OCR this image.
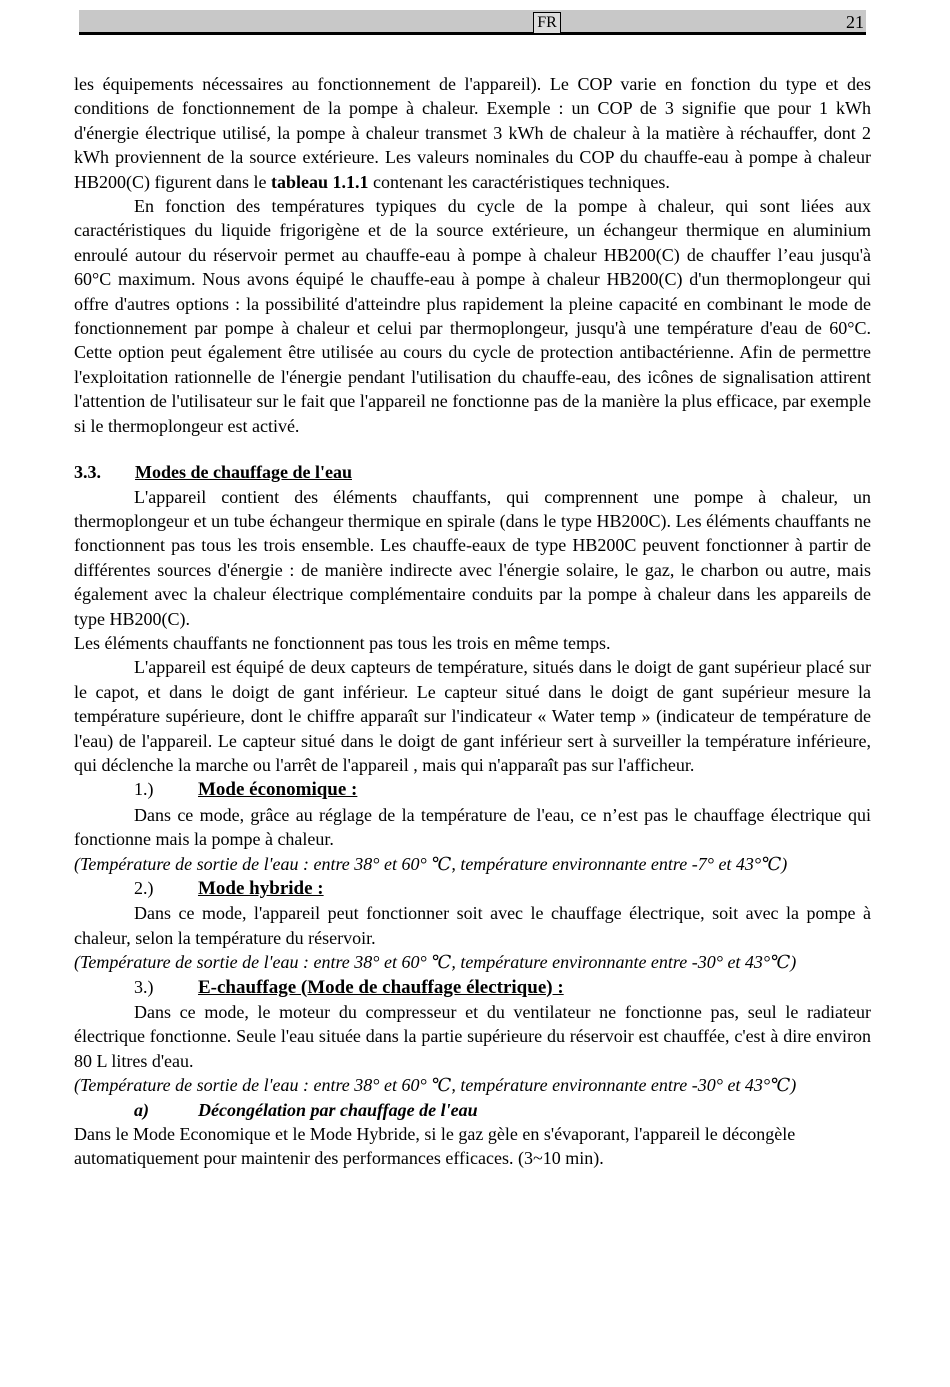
FR	21

les équipements nécessaires au fonctionnement de l'appareil). Le COP varie en fonction du type et des conditions de fonctionnement de la pompe à chaleur. Exemple : un COP de 3 signifie que pour 1 kWh d'énergie électrique utilisé, la pompe à chaleur transmet 3 kWh de chaleur à la matière à réchauffer, dont 2 kWh proviennent de la source extérieure. Les valeurs nominales du COP du chauffe-eau à pompe à chaleur HB200(C) figurent dans le tableau 1.1.1 contenant les caractéristiques techniques.

En fonction des températures typiques du cycle de la pompe à chaleur, qui sont liées aux caractéristiques du liquide frigorigène et de la source extérieure, un échangeur thermique en aluminium enroulé autour du réservoir permet au chauffe-eau à pompe à chaleur HB200(C) de chauffer l’eau jusqu'à 60°C maximum. Nous avons équipé le chauffe-eau à pompe à chaleur HB200(C) d'un thermoplongeur qui offre d'autres options : la possibilité d'atteindre plus rapidement la pleine capacité en combinant le mode de fonctionnement par pompe à chaleur et celui par thermoplongeur, jusqu'à une température d'eau de 60°C. Cette option peut également être utilisée au cours du cycle de protection antibactérienne. Afin de permettre l'exploitation rationnelle de l'énergie pendant l'utilisation du chauffe-eau, des icônes de signalisation attirent l'attention de l'utilisateur sur le fait que l'appareil ne fonctionne pas de la manière la plus efficace, par exemple si le thermoplongeur est activé.

3.3. Modes de chauffage de l'eau

L'appareil contient des éléments chauffants, qui comprennent une pompe à chaleur, un thermoplongeur et un tube échangeur thermique en spirale (dans le type HB200C). Les éléments chauffants ne fonctionnent pas tous les trois ensemble. Les chauffe-eaux de type HB200C peuvent fonctionner à partir de différentes sources d'énergie : de manière indirecte avec l'énergie solaire, le gaz, le charbon ou autre, mais également avec la chaleur électrique complémentaire conduits par la pompe à chaleur dans les appareils de type HB200(C).

Les éléments chauffants ne fonctionnent pas tous les trois en même temps.

L'appareil est équipé de deux capteurs de température, situés dans le doigt de gant supérieur placé sur le capot, et dans le doigt de gant inférieur. Le capteur situé dans le doigt de gant supérieur mesure la température supérieure, dont le chiffre apparaît sur l'indicateur « Water temp » (indicateur de température de l'eau) de l'appareil. Le capteur situé dans le doigt de gant inférieur sert à surveiller la température inférieure, qui déclenche la marche ou l'arrêt de l'appareil , mais qui n'apparaît pas sur l'afficheur.

1.) Mode économique :

Dans ce mode, grâce au réglage de la température de l'eau, ce n’est pas le chauffage électrique qui fonctionne mais la pompe à chaleur.

(Température de sortie de l'eau : entre 38° et 60° ℃, température environnante entre -7° et 43°℃)

2.) Mode hybride :

Dans ce mode, l'appareil peut fonctionner soit avec le chauffage électrique, soit avec la pompe à chaleur, selon la température du réservoir.

(Température de sortie de l'eau : entre 38° et 60° ℃, température environnante entre -30° et 43°℃)

3.) E-chauffage (Mode de chauffage électrique) :

Dans ce mode, le moteur du compresseur et du ventilateur ne fonctionne pas, seul le radiateur électrique fonctionne. Seule l'eau située dans la partie supérieure du réservoir est chauffée, c'est à dire environ 80 L litres d'eau.

(Température de sortie de l'eau : entre 38° et 60° ℃, température environnante entre -30° et 43°℃)

a)	Décongélation par chauffage de l'eau

Dans le Mode Economique et le Mode Hybride, si le gaz gèle en s'évaporant, l'appareil le décongèle automatiquement pour maintenir des performances efficaces. (3~10 min).
